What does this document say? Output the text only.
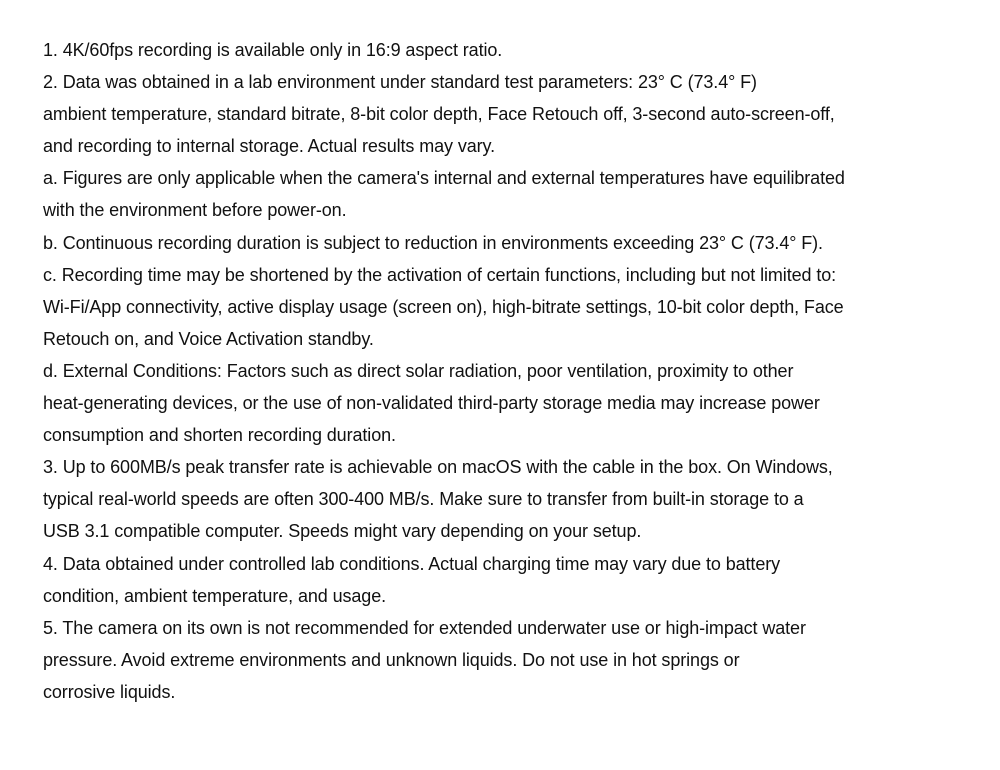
1. 4K/60fps recording is available only in 16:9 aspect ratio.
2. Data was obtained in a lab environment under standard test parameters: 23° C (73.4° F)
ambient temperature, standard bitrate, 8-bit color depth, Face Retouch off, 3-second auto-screen-off,
and recording to internal storage. Actual results may vary.
a. Figures are only applicable when the camera's internal and external temperatures have equilibrated
with the environment before power-on.
b. Continuous recording duration is subject to reduction in environments exceeding 23° C (73.4° F).
c. Recording time may be shortened by the activation of certain functions, including but not limited to:
Wi-Fi/App connectivity, active display usage (screen on), high-bitrate settings, 10-bit color depth, Face
Retouch on, and Voice Activation standby.
d. External Conditions: Factors such as direct solar radiation, poor ventilation, proximity to other
heat-generating devices, or the use of non-validated third-party storage media may increase power
consumption and shorten recording duration.
3. Up to 600MB/s peak transfer rate is achievable on macOS with the cable in the box. On Windows,
typical real‑world speeds are often 300-400 MB/s. Make sure to transfer from built-in storage to a
USB 3.1 compatible computer. Speeds might vary depending on your setup.
4. Data obtained under controlled lab conditions. Actual charging time may vary due to battery
condition, ambient temperature, and usage.
5. The camera on its own is not recommended for extended underwater use or high-impact water
pressure. Avoid extreme environments and unknown liquids. Do not use in hot springs or
corrosive liquids.
